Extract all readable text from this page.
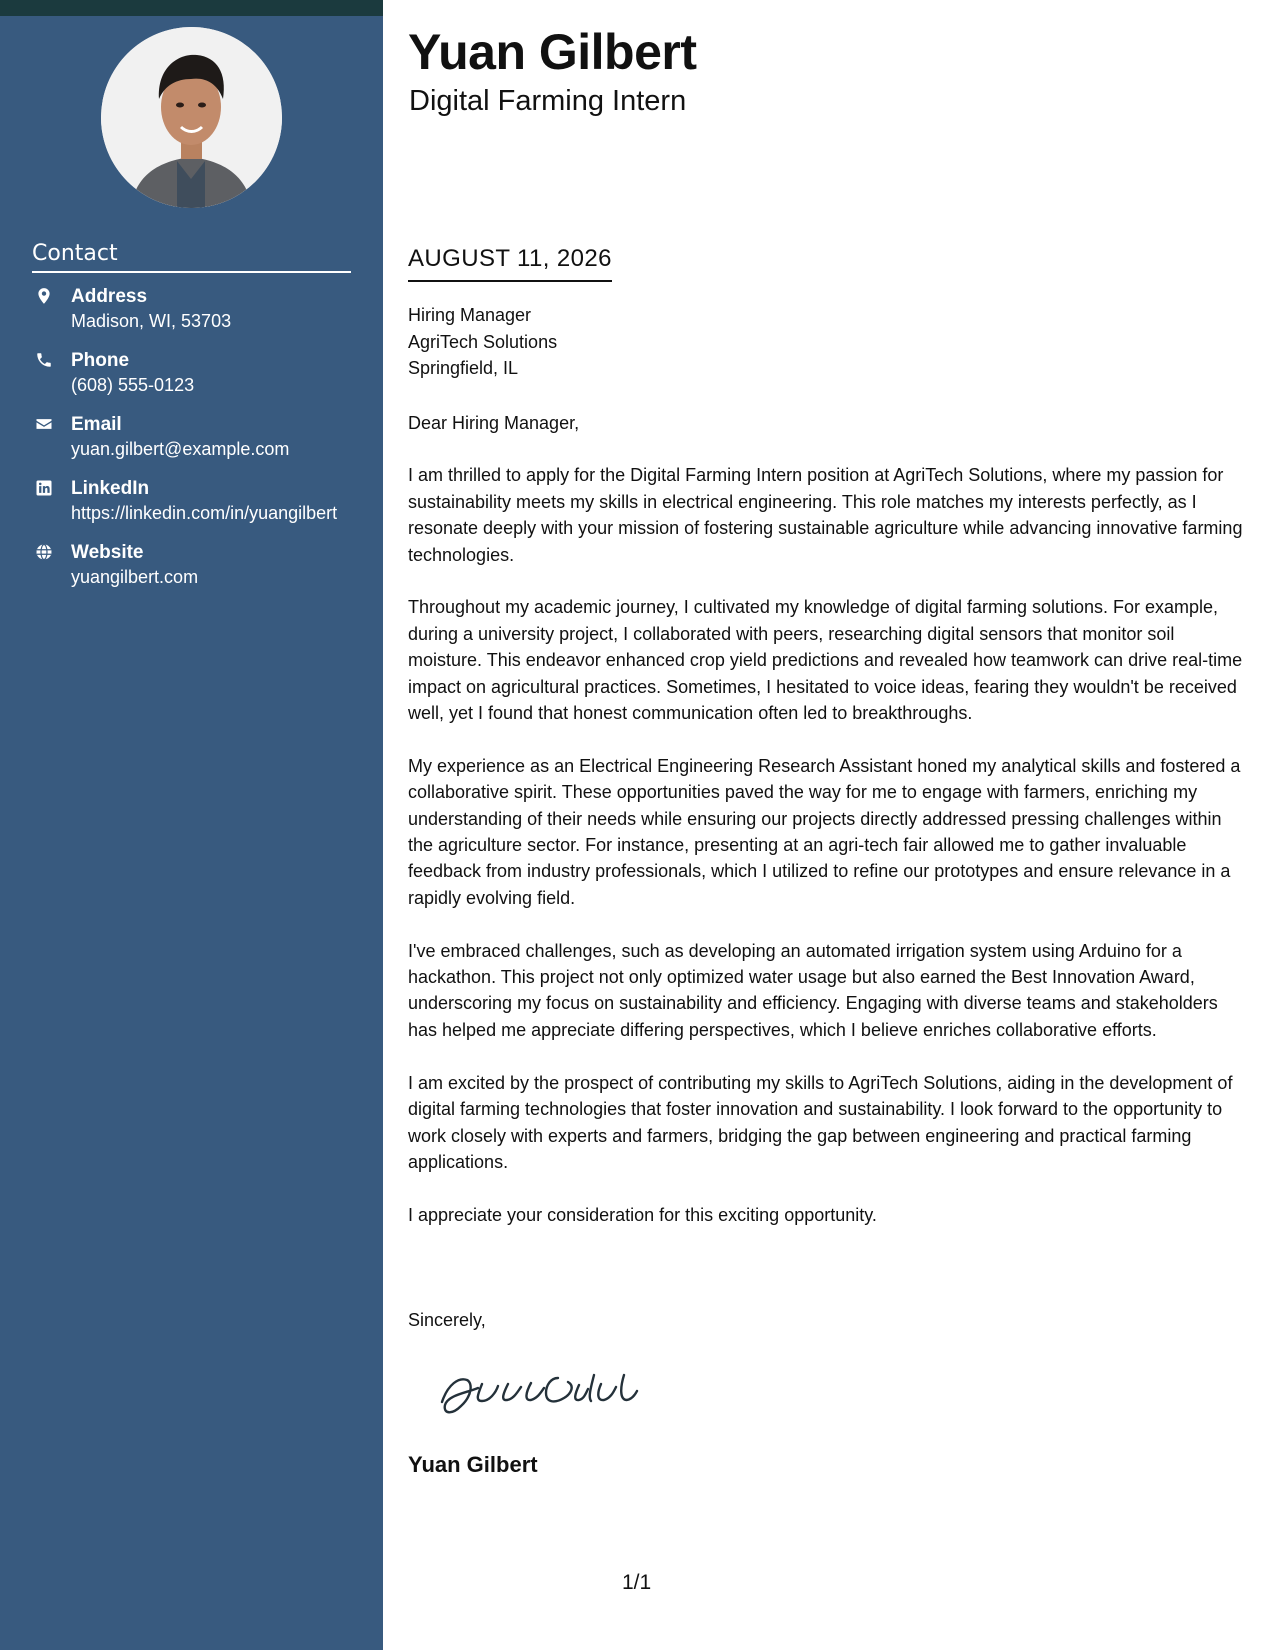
Contact
Address
Madison, WI, 53703
Phone
(608) 555-0123
Email
yuan.gilbert@example.com
LinkedIn
https://linkedin.com/in/yuangilbert
Website
yuangilbert.com
Yuan Gilbert
Digital Farming Intern
AUGUST 11, 2026
Hiring Manager
AgriTech Solutions
Springfield, IL

Dear Hiring Manager,

I am thrilled to apply for the Digital Farming Intern position at AgriTech Solutions, where my passion for sustainability meets my skills in electrical engineering. This role matches my interests perfectly, as I resonate deeply with your mission of fostering sustainable agriculture while advancing innovative farming technologies.

Throughout my academic journey, I cultivated my knowledge of digital farming solutions. For example, during a university project, I collaborated with peers, researching digital sensors that monitor soil moisture. This endeavor enhanced crop yield predictions and revealed how teamwork can drive real-time impact on agricultural practices. Sometimes, I hesitated to voice ideas, fearing they wouldn't be received well, yet I found that honest communication often led to breakthroughs.

My experience as an Electrical Engineering Research Assistant honed my analytical skills and fostered a collaborative spirit. These opportunities paved the way for me to engage with farmers, enriching my understanding of their needs while ensuring our projects directly addressed pressing challenges within the agriculture sector. For instance, presenting at an agri-tech fair allowed me to gather invaluable feedback from industry professionals, which I utilized to refine our prototypes and ensure relevance in a rapidly evolving field.

I've embraced challenges, such as developing an automated irrigation system using Arduino for a hackathon. This project not only optimized water usage but also earned the Best Innovation Award, underscoring my focus on sustainability and efficiency. Engaging with diverse teams and stakeholders has helped me appreciate differing perspectives, which I believe enriches collaborative efforts.

I am excited by the prospect of contributing my skills to AgriTech Solutions, aiding in the development of digital farming technologies that foster innovation and sustainability. I look forward to the opportunity to work closely with experts and farmers, bridging the gap between engineering and practical farming applications.

I appreciate your consideration for this exciting opportunity.

Sincerely,
Yuan Gilbert
1/1
